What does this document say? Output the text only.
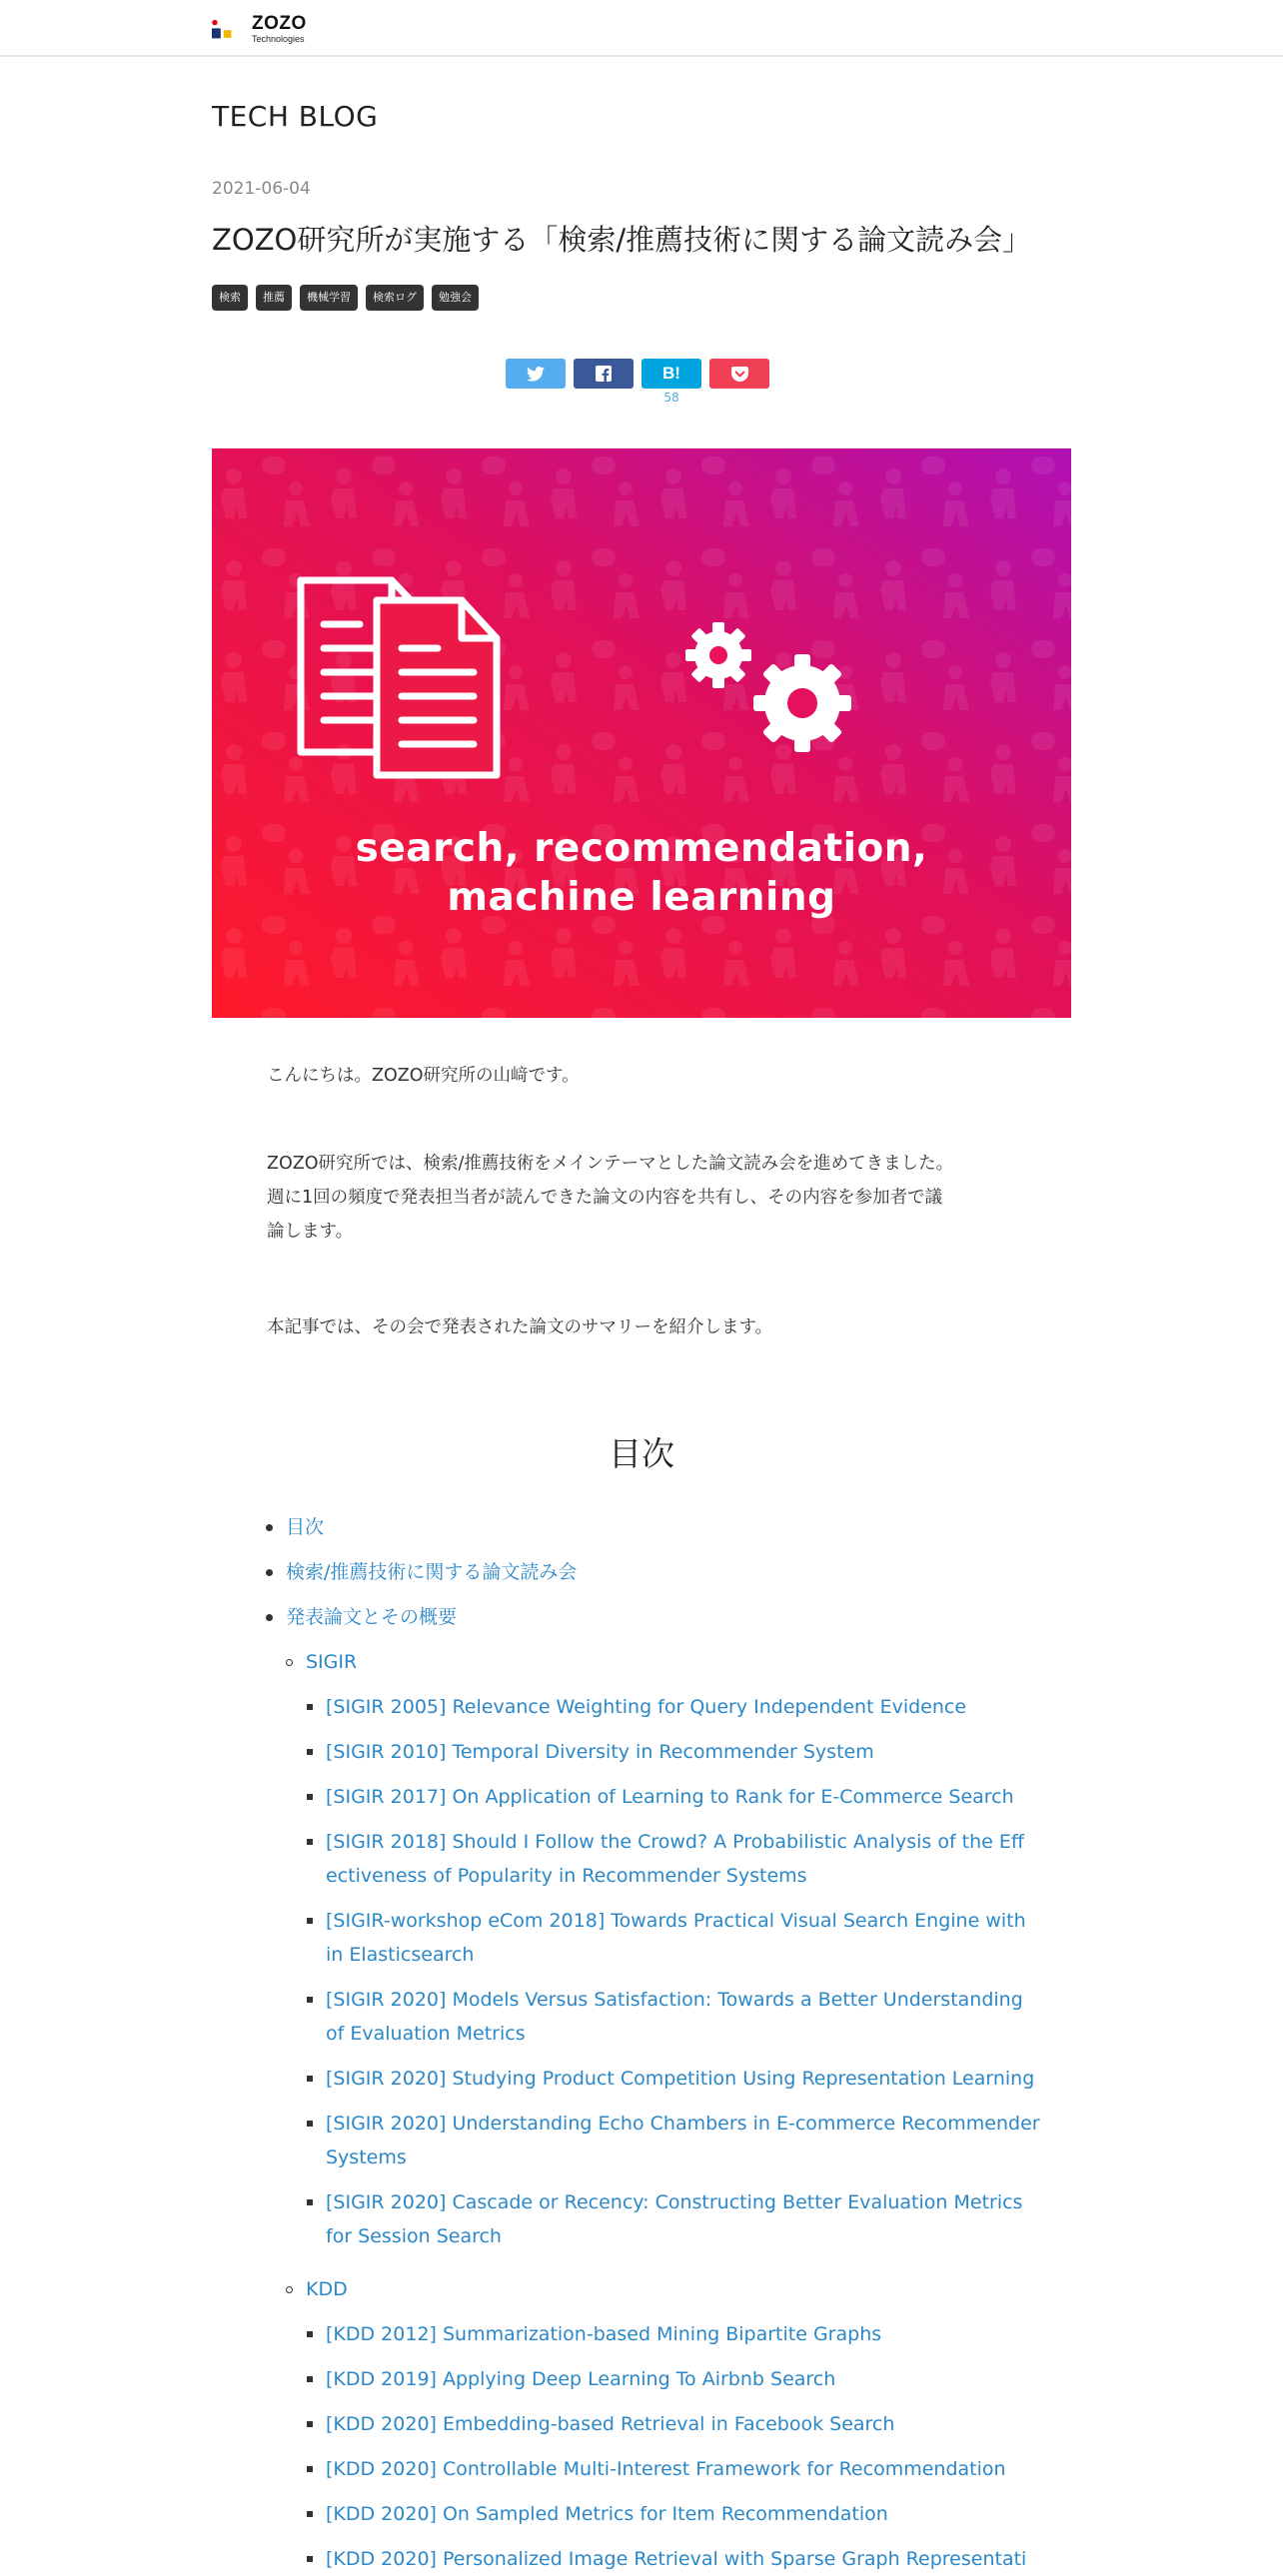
ZOZO
Technologies
TECH BLOG
2021-06-04
ZOZO研究所が実施する「検索/推薦技術に関する論文読み会」
検索	推薦	機械学習	検索ログ	勉強会
B!
58
search, recommendation,
machine learning

こんにちは。ZOZO研究所の山﨑です。

ZOZO研究所では、検索/推薦技術をメインテーマとした論文読み会を進めてきました。
週に1回の頻度で発表担当者が読んできた論文の内容を共有し、その内容を参加者で議
論します。

本記事では、その会で発表された論文のサマリーを紹介します。

目次
目次
検索/推薦技術に関する論文読み会
発表論文とその概要
SIGIR
[SIGIR 2005] Relevance Weighting for Query Independent Evidence
[SIGIR 2010] Temporal Diversity in Recommender System
[SIGIR 2017] On Application of Learning to Rank for E-Commerce Search
[SIGIR 2018] Should I Follow the Crowd? A Probabilistic Analysis of the Eff
ectiveness of Popularity in Recommender Systems
[SIGIR-workshop eCom 2018] Towards Practical Visual Search Engine with
in Elasticsearch
[SIGIR 2020] Models Versus Satisfaction: Towards a Better Understanding
of Evaluation Metrics
[SIGIR 2020] Studying Product Competition Using Representation Learning
[SIGIR 2020] Understanding Echo Chambers in E-commerce Recommender
Systems
[SIGIR 2020] Cascade or Recency: Constructing Better Evaluation Metrics
for Session Search
KDD
[KDD 2012] Summarization-based Mining Bipartite Graphs
[KDD 2019] Applying Deep Learning To Airbnb Search
[KDD 2020] Embedding-based Retrieval in Facebook Search
[KDD 2020] Controllable Multi-Interest Framework for Recommendation
[KDD 2020] On Sampled Metrics for Item Recommendation
[KDD 2020] Personalized Image Retrieval with Sparse Graph Representati
